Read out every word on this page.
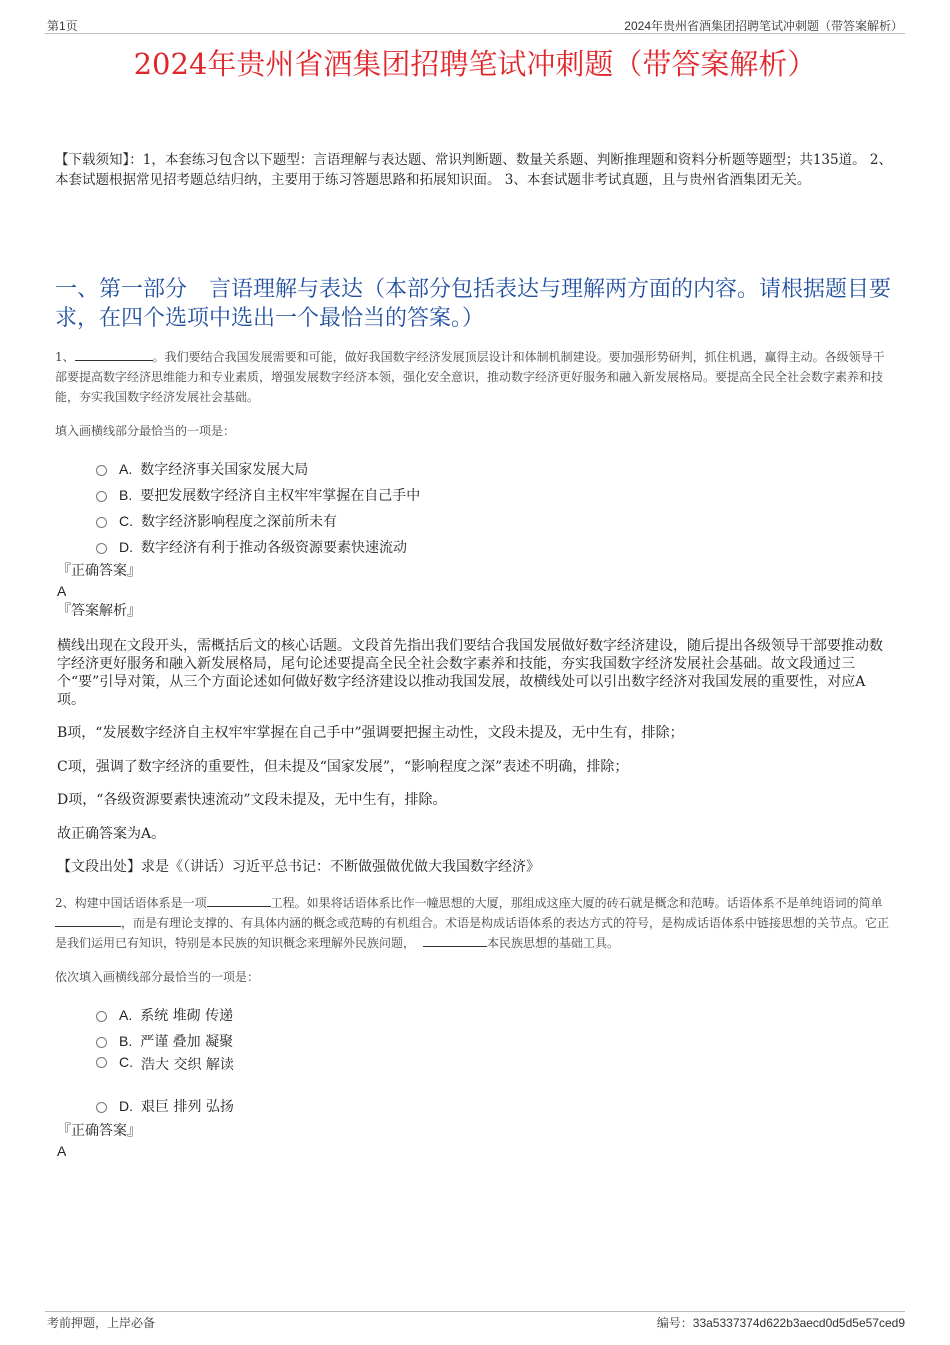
第1页	2024年贵州省酒集团招聘笔试冲刺题（带答案解析）
2024年贵州省酒集团招聘笔试冲刺题（带答案解析）
【下载须知】：1，本套练习包含以下题型：言语理解与表达题、常识判断题、数量关系题、判断推理题和资料分析题等题型；共135道。 2、本套试题根据常见招考题总结归纳，主要用于练习答题思路和拓展知识面。 3、本套试题非考试真题，且与贵州省酒集团无关。
一、第一部分　言语理解与表达（本部分包括表达与理解两方面的内容。请根据题目要求，在四个选项中选出一个最恰当的答案。）
1、	。我们要结合我国发展需要和可能，做好我国数字经济发展顶层设计和体制机制建设。要加强形势研判，抓住机遇，赢得主动。各级领导干部要提高数字经济思维能力和专业素质，增强发展数字经济本领，强化安全意识，推动数字经济更好服务和融入新发展格局。要提高全民全社会数字素养和技能，夯实我国数字经济发展社会基础。
填入画横线部分最恰当的一项是：
A. 数字经济事关国家发展大局
B. 要把发展数字经济自主权牢牢掌握在自己手中
C. 数字经济影响程度之深前所未有
D. 数字经济有利于推动各级资源要素快速流动
『正确答案』
A
『答案解析』
横线出现在文段开头，需概括后文的核心话题。文段首先指出我们要结合我国发展做好数字经济建设，随后提出各级领导干部要推动数字经济更好服务和融入新发展格局，尾句论述要提高全民全社会数字素养和技能，夯实我国数字经济发展社会基础。故文段通过三个“要”引导对策，从三个方面论述如何做好数字经济建设以推动我国发展，故横线处可以引出数字经济对我国发展的重要性，对应A项。
B项，“发展数字经济自主权牢牢掌握在自己手中”强调要把握主动性，文段未提及，无中生有，排除；
C项，强调了数字经济的重要性，但未提及“国家发展”，“影响程度之深”表述不明确，排除；
D项，“各级资源要素快速流动”文段未提及，无中生有，排除。
故正确答案为A。
【文段出处】求是《（讲话）习近平总书记：不断做强做优做大我国数字经济》
2、构建中国话语体系是一项	工程。如果将话语体系比作一幢思想的大厦，那组成这座大厦的砖石就是概念和范畴。话语体系不是单纯语词的简单，而是有理论支撑的、有具体内涵的概念或范畴的有机组合。术语是构成话语体系的表达方式的符号，是构成话语体系中链接思想的关节点。它正是我们运用已有知识，特别是本民族的知识概念来理解外民族问题，	本民族思想的基础工具。
依次填入画横线部分最恰当的一项是：
A. 系统 堆砌 传递
B. 严谨 叠加 凝聚
C. 浩大 交织 解读
D. 艰巨 排列 弘扬
『正确答案』
A
考前押题，上岸必备	编号：33a5337374d622b3aecd0d5d5e57ced9
